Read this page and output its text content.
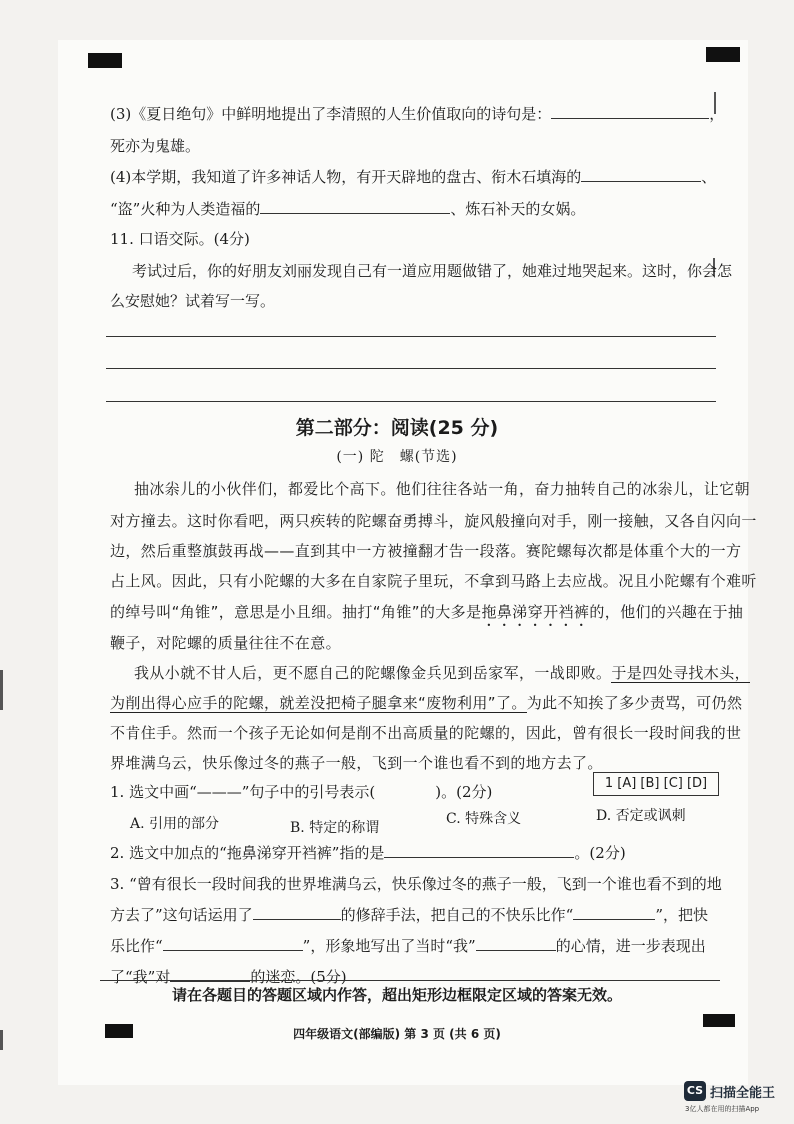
(3)《夏日绝句》中鲜明地提出了李清照的人生价值取向的诗句是：	，
死亦为鬼雄。
(4)本学期，我知道了许多神话人物，有开天辟地的盘古、衔木石填海的	、
“盗”火种为人类造福的	、炼石补天的女娲。
11. 口语交际。(4分)
考试过后，你的好朋友刘丽发现自己有一道应用题做错了，她难过地哭起来。这时，你会怎
么安慰她？试着写一写。
第二部分：阅读(25 分)
(一) 陀　螺(节选)
抽冰尜儿的小伙伴们，都爱比个高下。他们往往各站一角，奋力抽转自己的冰尜儿，让它朝
对方撞去。这时你看吧，两只疾转的陀螺奋勇搏斗，旋风般撞向对手，刚一接触，又各自闪向一
边，然后重整旗鼓再战——直到其中一方被撞翻才告一段落。赛陀螺每次都是体重个大的一方
占上风。因此，只有小陀螺的大多在自家院子里玩，不拿到马路上去应战。况且小陀螺有个难听
的绰号叫“角锥”，意思是小且细。抽打“角锥”的大多是拖鼻涕穿开裆裤的，他们的兴趣在于抽
鞭子，对陀螺的质量往往不在意。
我从小就不甘人后，更不愿自己的陀螺像金兵见到岳家军，一战即败。于是四处寻找木头，
为削出得心应手的陀螺，就差没把椅子腿拿来“废物利用”了。为此不知挨了多少责骂，可仍然
不肯住手。然而一个孩子无论如何是削不出高质量的陀螺的，因此，曾有很长一段时间我的世
界堆满乌云，快乐像过冬的燕子一般，飞到一个谁也看不到的地方去了。
1. 选文中画“———”句子中的引号表示(	)。(2分)	1 [A] [B] [C] [D]
A. 引用的部分	B. 特定的称谓
C. 特殊含义	D. 否定或讽刺
2. 选文中加点的“拖鼻涕穿开裆裤”指的是	。(2分)
3. “曾有很长一段时间我的世界堆满乌云，快乐像过冬的燕子一般，飞到一个谁也看不到的地
方去了”这句话运用了	的修辞手法，把自己的不快乐比作“	”，把快
乐比作“	”，形象地写出了当时“我”	的心情，进一步表现出
了“我”对	的迷恋。(5分)
请在各题目的答题区域内作答，超出矩形边框限定区域的答案无效。
四年级语文(部编版) 第 3 页 (共 6 页)
CS 扫描全能王
3亿人都在用的扫描App
